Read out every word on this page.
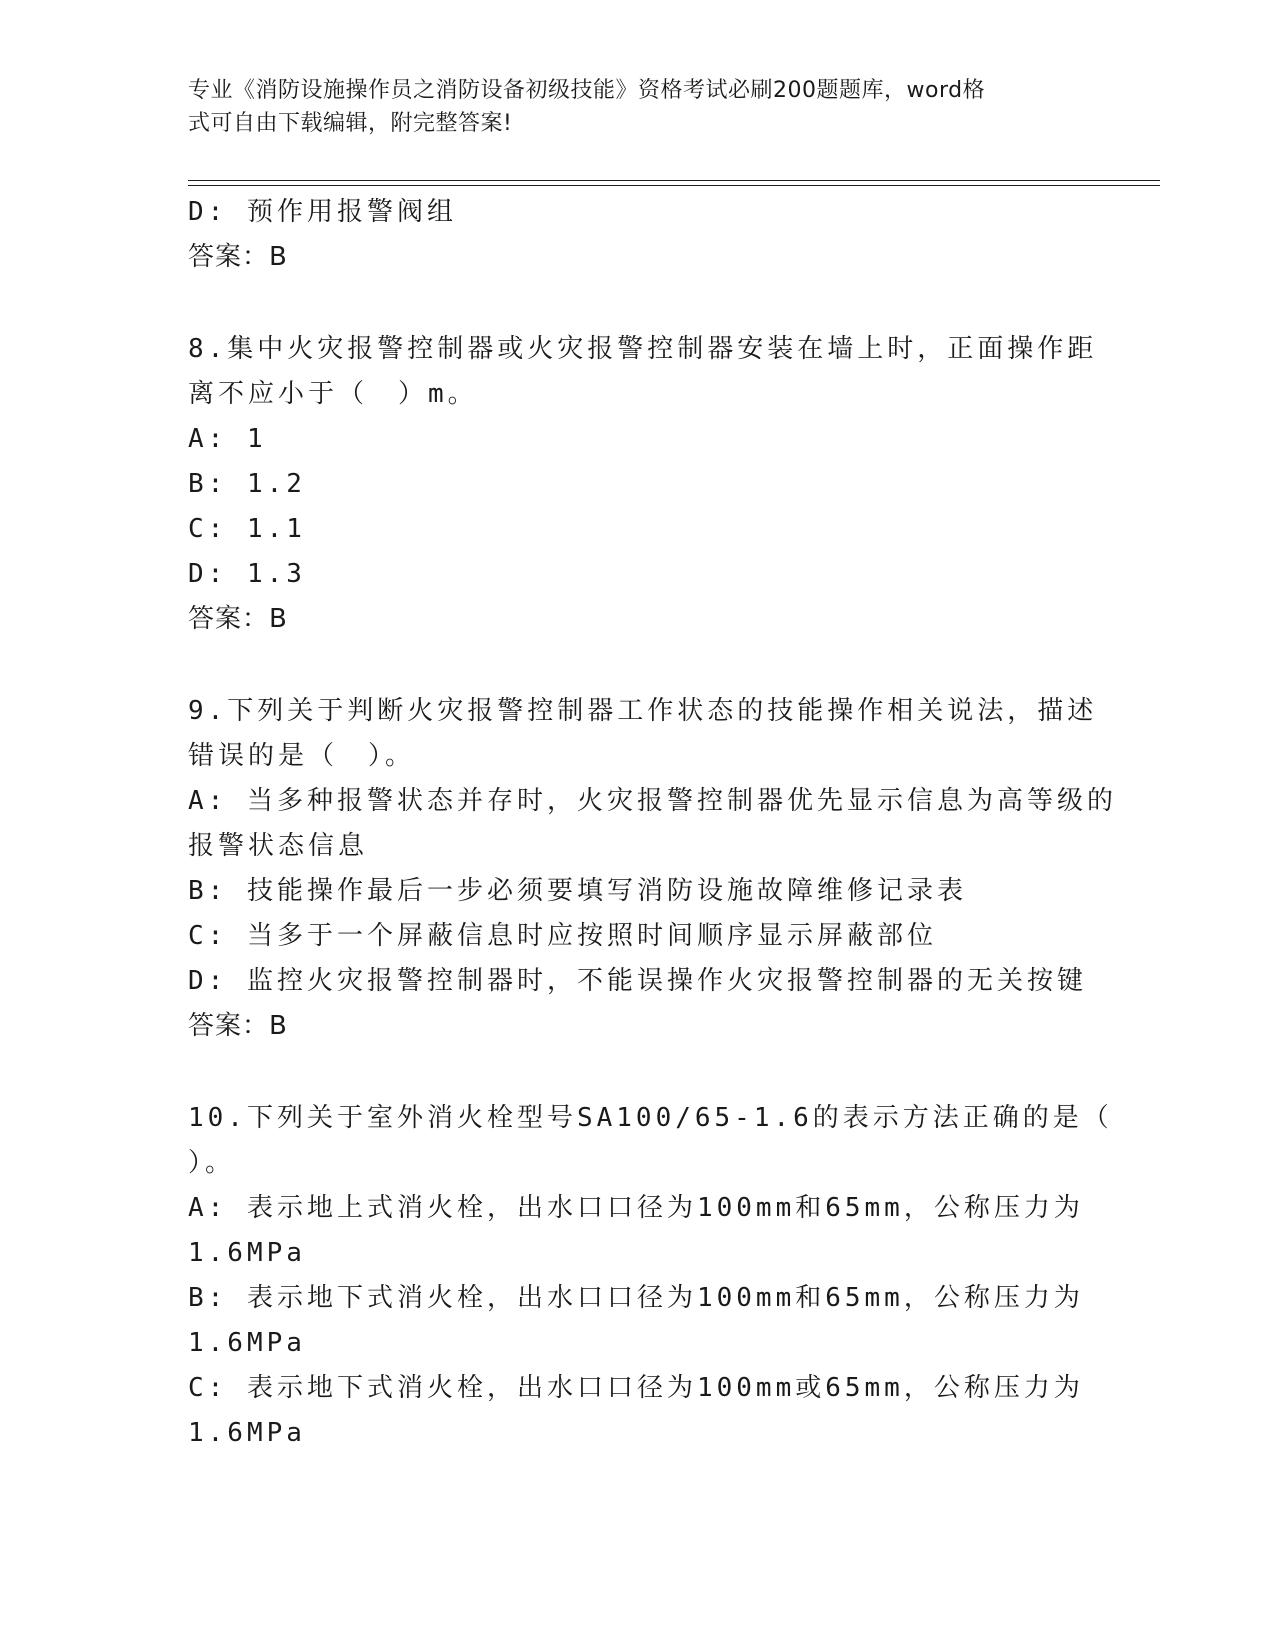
专业《消防设施操作员之消防设备初级技能》资格考试必刷200题题库，word格
式可自由下载编辑，附完整答案!
D: 预作用报警阀组
答案：B
8.集中火灾报警控制器或火灾报警控制器安装在墙上时，正面操作距
离不应小于（　）m。
A: 1
B: 1.2
C: 1.1
D: 1.3
答案：B
9.下列关于判断火灾报警控制器工作状态的技能操作相关说法，描述
错误的是（　）。
A: 当多种报警状态并存时，火灾报警控制器优先显示信息为高等级的
报警状态信息
B: 技能操作最后一步必须要填写消防设施故障维修记录表
C: 当多于一个屏蔽信息时应按照时间顺序显示屏蔽部位
D: 监控火灾报警控制器时，不能误操作火灾报警控制器的无关按键
答案：B
10.下列关于室外消火栓型号SA100/65-1.6的表示方法正确的是（
）。
A: 表示地上式消火栓，出水口口径为100mm和65mm，公称压力为
1.6MPa
B: 表示地下式消火栓，出水口口径为100mm和65mm，公称压力为
1.6MPa
C: 表示地下式消火栓，出水口口径为100mm或65mm，公称压力为
1.6MPa
